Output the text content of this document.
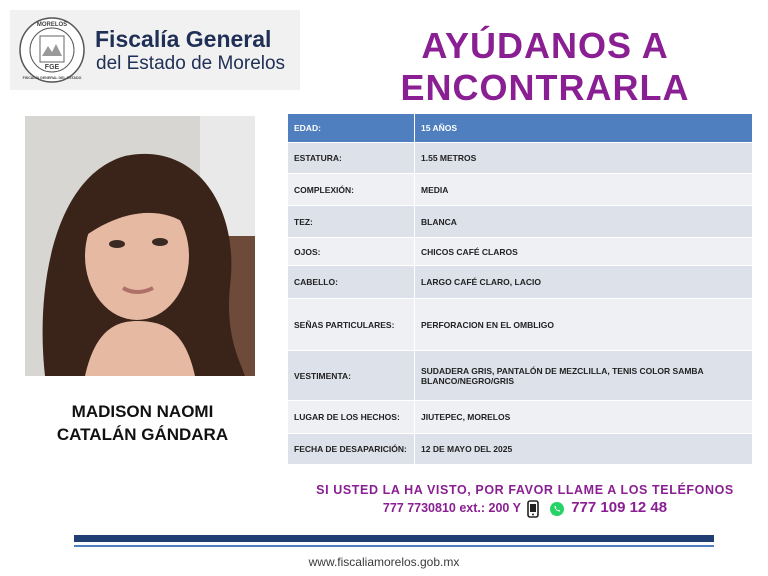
MORELOS
FISCALÍA GENERAL DEL ESTADO
FGE
Fiscalía General
del Estado de Morelos	AYÚDANOS A
ENCONTRARLA
MADISON NAOMI
CATALÁN GÁNDARA
EDAD:	15 AÑOS
ESTATURA:	1.55 METROS
COMPLEXIÓN:	MEDIA
TEZ:	BLANCA
OJOS:	CHICOS CAFÉ CLAROS
CABELLO:	LARGO CAFÉ CLARO, LACIO
SEÑAS PARTICULARES:	PERFORACION EN EL OMBLIGO
VESTIMENTA:	SUDADERA GRIS, PANTALÓN DE MEZCLILLA, TENIS COLOR SAMBA BLANCO/NEGRO/GRIS
LUGAR DE LOS HECHOS:	JIUTEPEC, MORELOS
FECHA DE DESAPARICIÓN:	12 DE MAYO DEL 2025
SI USTED LA HA VISTO, POR FAVOR LLAME A LOS TELÉFONOS
777 7730810 ext.: 200 Y	777 109 12 48
www.fiscaliamorelos.gob.mx
